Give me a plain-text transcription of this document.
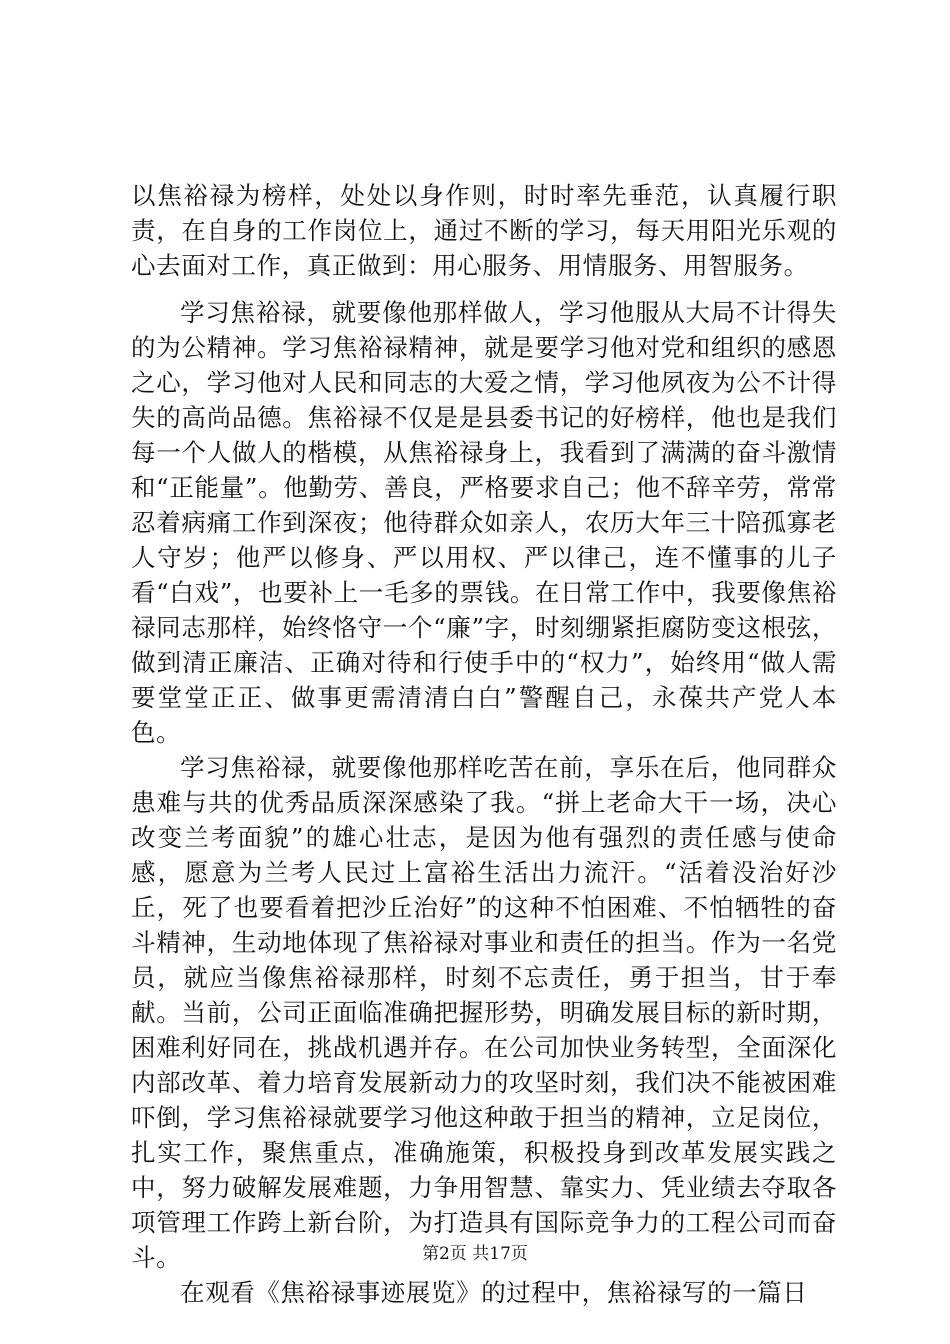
以焦裕禄为榜样，处处以身作则，时时率先垂范，认真履行职责，在自身的工作岗位上，通过不断的学习，每天用阳光乐观的心去面对工作，真正做到：用心服务、用情服务、用智服务。

学习焦裕禄，就要像他那样做人，学习他服从大局不计得失的为公精神。学习焦裕禄精神，就是要学习他对党和组织的感恩之心，学习他对人民和同志的大爱之情，学习他夙夜为公不计得失的高尚品德。焦裕禄不仅是是县委书记的好榜样，他也是我们每一个人做人的楷模，从焦裕禄身上，我看到了满满的奋斗激情和“正能量”。他勤劳、善良，严格要求自己；他不辞辛劳，常常忍着病痛工作到深夜；他待群众如亲人，农历大年三十陪孤寡老人守岁；他严以修身、严以用权、严以律己，连不懂事的儿子看“白戏”，也要补上一毛多的票钱。在日常工作中，我要像焦裕禄同志那样，始终恪守一个“廉”字，时刻绷紧拒腐防变这根弦，做到清正廉洁、正确对待和行使手中的“权力”，始终用“做人需要堂堂正正、做事更需清清白白”警醒自己，永葆共产党人本色。

学习焦裕禄，就要像他那样吃苦在前，享乐在后，他同群众患难与共的优秀品质深深感染了我。“拼上老命大干一场，决心改变兰考面貌”的雄心壮志，是因为他有强烈的责任感与使命感，愿意为兰考人民过上富裕生活出力流汗。“活着没治好沙丘，死了也要看着把沙丘治好”的这种不怕困难、不怕牺牲的奋斗精神，生动地体现了焦裕禄对事业和责任的担当。作为一名党员，就应当像焦裕禄那样，时刻不忘责任，勇于担当，甘于奉献。当前，公司正面临准确把握形势，明确发展目标的新时期，困难利好同在，挑战机遇并存。在公司加快业务转型，全面深化内部改革、着力培育发展新动力的攻坚时刻，我们决不能被困难吓倒，学习焦裕禄就要学习他这种敢于担当的精神，立足岗位，扎实工作，聚焦重点，准确施策，积极投身到改革发展实践之中，努力破解发展难题，力争用智慧、靠实力、凭业绩去夺取各项管理工作跨上新台阶，为打造具有国际竞争力的工程公司而奋斗。

在观看《焦裕禄事迹展览》的过程中，焦裕禄写的一篇日

第2页 共17页
